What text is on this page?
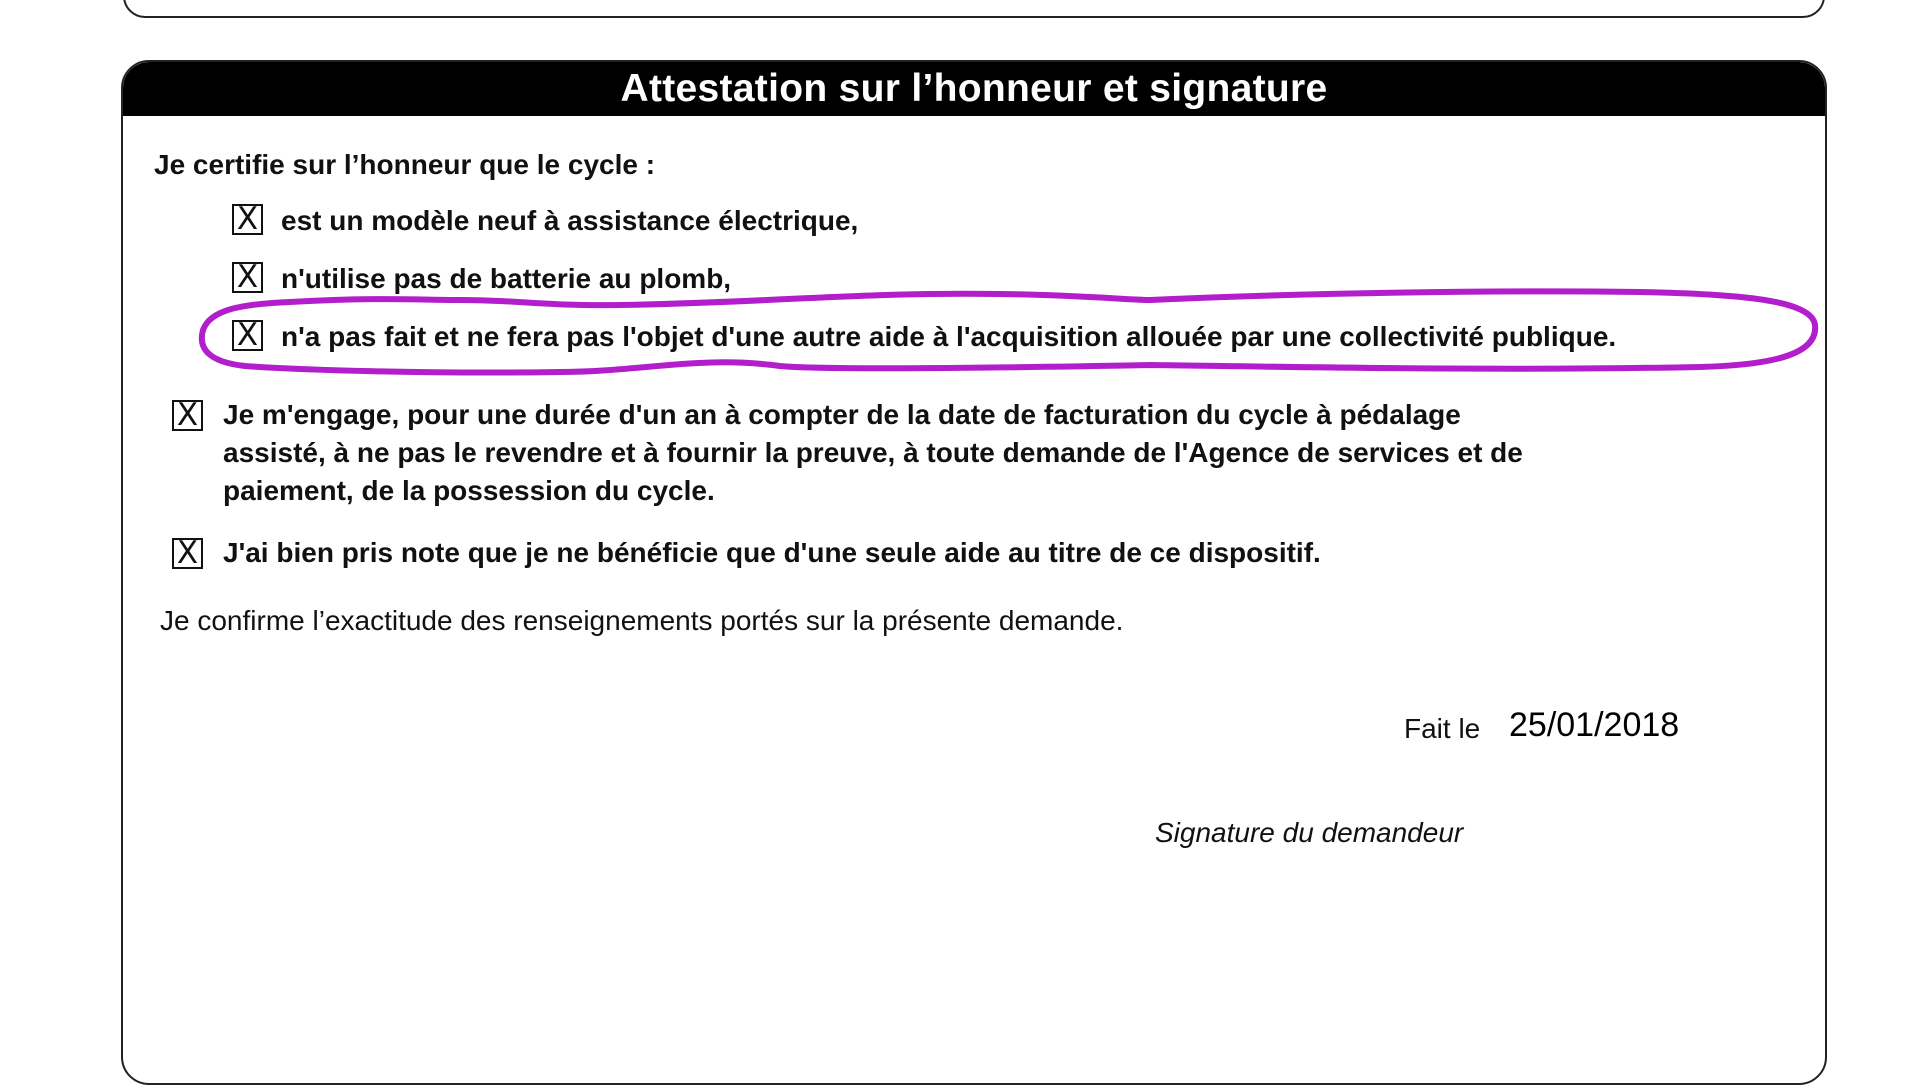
Attestation sur l’honneur et signature
Je certifie sur l’honneur que le cycle :
X est un modèle neuf à assistance électrique,
X n'utilise pas de batterie au plomb,
X n'a pas fait et ne fera pas l'objet d'une autre aide à l'acquisition allouée par une collectivité publique.
X Je m'engage, pour une durée d'un an à compter de la date de facturation du cycle à pédalage
assisté, à ne pas le revendre et à fournir la preuve, à toute demande de l'Agence de services et de
paiement, de la possession du cycle.
X J'ai bien pris note que je ne bénéficie que d'une seule aide au titre de ce dispositif.
Je confirme l’exactitude des renseignements portés sur la présente demande.
Fait le 25/01/2018
Signature du demandeur
